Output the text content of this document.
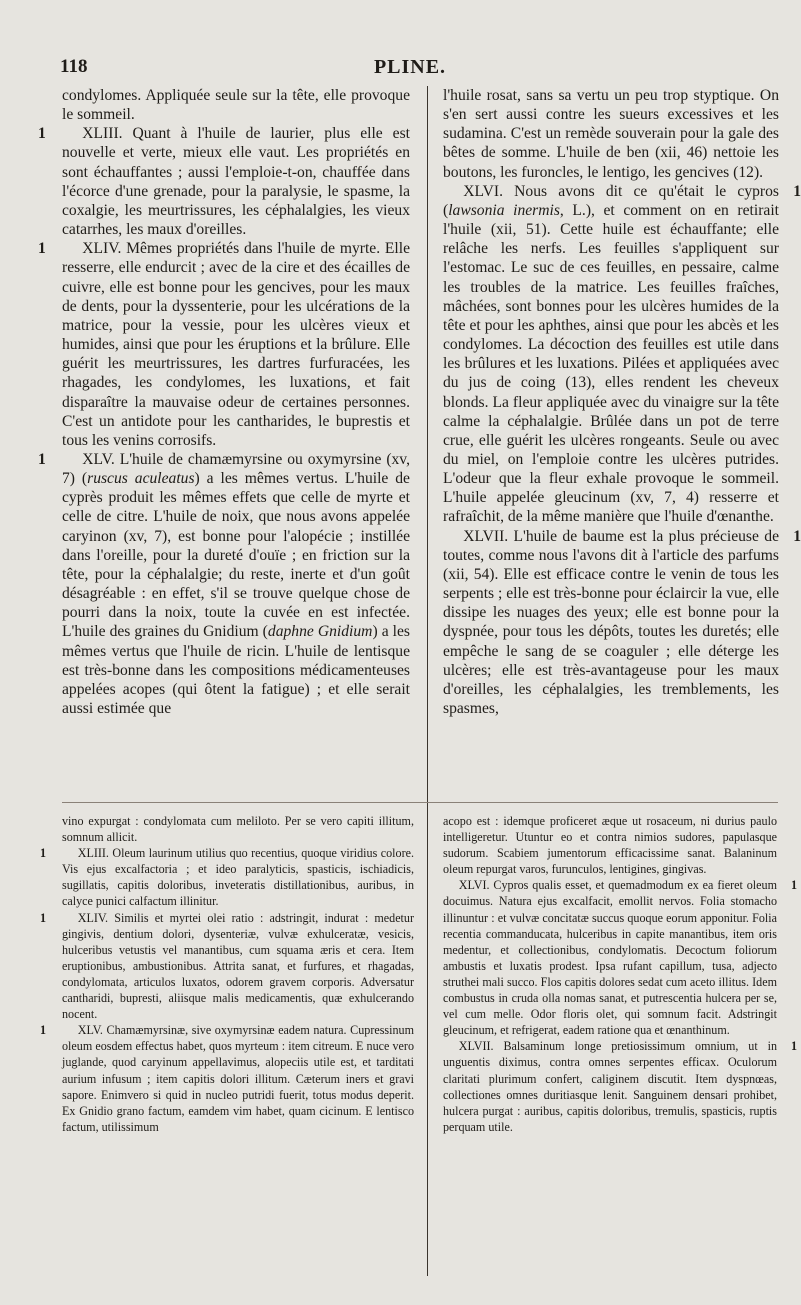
118	PLINE.

condylomes. Appliquée seule sur la tête, elle provoque le sommeil.

1 XLIII. Quant à l'huile de laurier, plus elle est nouvelle et verte, mieux elle vaut. Les propriétés en sont échauffantes ; aussi l'emploie-t-on, chauffée dans l'écorce d'une grenade, pour la paralysie, le spasme, la coxalgie, les meurtrissures, les céphalalgies, les vieux catarrhes, les maux d'oreilles.

1 XLIV. Mêmes propriétés dans l'huile de myrte. Elle resserre, elle endurcit ; avec de la cire et des écailles de cuivre, elle est bonne pour les gencives, pour les maux de dents, pour la dyssenterie, pour les ulcérations de la matrice, pour la vessie, pour les ulcères vieux et humides, ainsi que pour les éruptions et la brûlure. Elle guérit les meurtrissures, les dartres furfuracées, les rhagades, les condylomes, les luxations, et fait disparaître la mauvaise odeur de certaines personnes. C'est un antidote pour les cantharides, le buprestis et tous les venins corrosifs.

1 XLV. L'huile de chamæmyrsine ou oxymyrsine (xv, 7) (ruscus aculeatus) a les mêmes vertus. L'huile de cyprès produit les mêmes effets que celle de myrte et celle de citre. L'huile de noix, que nous avons appelée caryinon (xv, 7), est bonne pour l'alopécie ; instillée dans l'oreille, pour la dureté d'ouïe ; en friction sur la tête, pour la céphalalgie; du reste, inerte et d'un goût désagréable : en effet, s'il se trouve quelque chose de pourri dans la noix, toute la cuvée en est infectée. L'huile des graines du Gnidium (daphne Gnidium) a les mêmes vertus que l'huile de ricin. L'huile de lentisque est très-bonne dans les compositions médicamenteuses appelées acopes (qui ôtent la fatigue) ; et elle serait aussi estimée que

l'huile rosat, sans sa vertu un peu trop styptique. On s'en sert aussi contre les sueurs excessives et les sudamina. C'est un remède souverain pour la gale des bêtes de somme. L'huile de ben (xii, 46) nettoie les boutons, les furoncles, le lentigo, les gencives (12).

1
XLVI. Nous avons dit ce qu'était le cypros (lawsonia inermis, L.), et comment on en retirait l'huile (xii, 51). Cette huile est échauffante; elle relâche les nerfs. Les feuilles s'appliquent sur l'estomac. Le suc de ces feuilles, en pessaire, calme les troubles de la matrice. Les feuilles fraîches, mâchées, sont bonnes pour les ulcères humides de la tête et pour les aphthes, ainsi que pour les abcès et les condylomes. La décoction des feuilles est utile dans les brûlures et les luxations. Pilées et appliquées avec du jus de coing (13), elles rendent les cheveux blonds. La fleur appliquée avec du vinaigre sur la tête calme la céphalalgie. Brûlée dans un pot de terre crue, elle guérit les ulcères rongeants. Seule ou avec du miel, on l'emploie contre les ulcères putrides. L'odeur que la fleur exhale provoque le sommeil. L'huile appelée gleucinum (xv, 7, 4) resserre et rafraîchit, de la même manière que l'huile d'œnanthe.

1
XLVII. L'huile de baume est la plus précieuse de toutes, comme nous l'avons dit à l'article des parfums (xii, 54). Elle est efficace contre le venin de tous les serpents ; elle est très-bonne pour éclaircir la vue, elle dissipe les nuages des yeux; elle est bonne pour la dyspnée, pour tous les dépôts, toutes les duretés; elle empêche le sang de se coaguler ; elle déterge les ulcères; elle est très-avantageuse pour les maux d'oreilles, les céphalalgies, les tremblements, les spasmes,

vino expurgat : condylomata cum meliloto. Per se vero capiti illitum, somnum allicit.

1	XLIII. Oleum laurinum utilius quo recentius, quoque viridius colore. Vis ejus excalfactoria ; et ideo paralyticis, spasticis, ischiadicis, sugillatis, capitis doloribus, inveteratis distillationibus, auribus, in calyce punici calfactum illinitur.

1	XLIV. Similis et myrtei olei ratio : adstringit, indurat : medetur gingivis, dentium dolori, dysenteriæ, vulvæ exhulceratæ, vesicis, hulceribus vetustis vel manantibus, cum squama æris et cera. Item eruptionibus, ambustionibus. Attrita sanat, et furfures, et rhagadas, condylomata, articulos luxatos, odorem gravem corporis. Adversatur cantharidi, bupresti, aliisque malis medicamentis, quæ exhulcerando nocent.

1	XLV. Chamæmyrsinæ, sive oxymyrsinæ eadem natura. Cupressinum oleum eosdem effectus habet, quos myrteum : item citreum. E nuce vero juglande, quod caryinum appellavimus, alopeciis utile est, et tarditati aurium infusum ; item capitis dolori illitum. Cæterum iners et gravi sapore. Enimvero si quid in nucleo putridi fuerit, totus modus deperit. Ex Gnidio grano factum, eamdem vim habet, quam cicinum. E lentisco factum, utilissimum

acopo est : idemque proficeret æque ut rosaceum, ni durius paulo intelligeretur. Utuntur eo et contra nimios sudores, papulasque sudorum. Scabiem jumentorum efficacissime sanat. Balaninum oleum repurgat varos, furunculos, lentigines, gingivas.

1
XLVI. Cypros qualis esset, et quemadmodum ex ea fieret oleum docuimus. Natura ejus excalfacit, emollit nervos. Folia stomacho illinuntur : et vulvæ concitatæ succus quoque eorum apponitur. Folia recentia commanducata, hulceribus in capite manantibus, item oris medentur, et collectionibus, condylomatis. Decoctum foliorum ambustis et luxatis prodest. Ipsa rufant capillum, tusa, adjecto struthei mali succo. Flos capitis dolores sedat cum aceto illitus. Idem combustus in cruda olla nomas sanat, et putrescentia hulcera per se, vel cum melle. Odor floris olet, qui somnum facit. Adstringit gleucinum, et refrigerat, eadem ratione qua et œnanthinum.

1
XLVII. Balsaminum longe pretiosissimum omnium, ut in unguentis diximus, contra omnes serpentes efficax. Oculorum claritati plurimum confert, caliginem discutit. Item dyspnœas, collectiones omnes duritiasque lenit. Sanguinem densari prohibet, hulcera purgat : auribus, capitis doloribus, tremulis, spasticis, ruptis perquam utile.
